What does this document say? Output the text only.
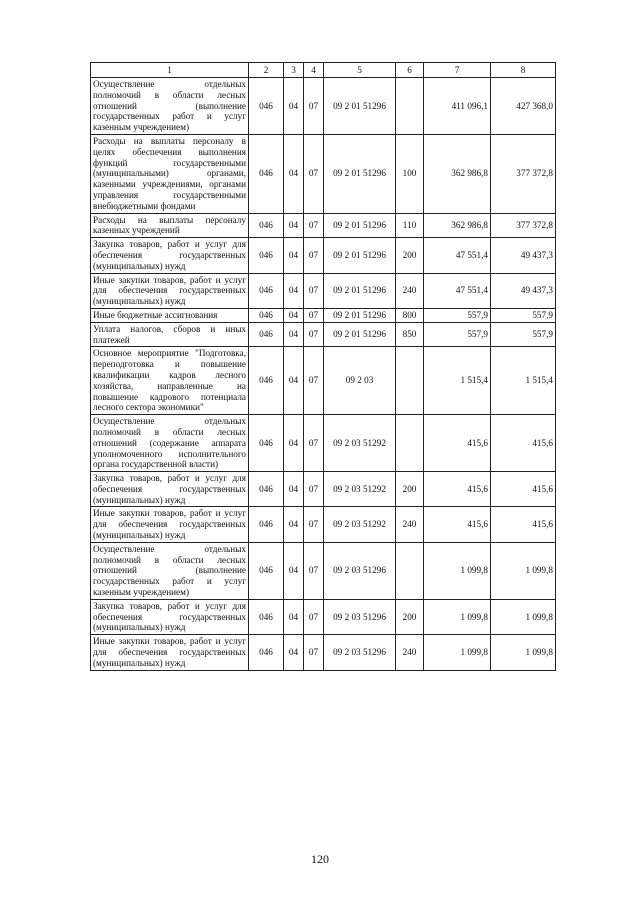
1	2	3	4	5	6	7	8
Осуществление отдельных полномочий в области лесных отношений (выполнение государственных работ и услуг казенным учреждением)	046	04	07	09 2 01 51296		411 096,1	427 368,0
Расходы на выплаты персоналу в целях обеспечения выполнения функций государственными (муниципальными) органами, казенными учреждениями, органами управления государственными внебюджетными фондами	046	04	07	09 2 01 51296	100	362 986,8	377 372,8
Расходы на выплаты персоналу казенных учреждений	046	04	07	09 2 01 51296	110	362 986,8	377 372,8
Закупка товаров, работ и услуг для обеспечения государственных (муниципальных) нужд	046	04	07	09 2 01 51296	200	47 551,4	49 437,3
Иные закупки товаров, работ и услуг для обеспечения государственных (муниципальных) нужд	046	04	07	09 2 01 51296	240	47 551,4	49 437,3
Иные бюджетные ассигнования	046	04	07	09 2 01 51296	800	557,9	557,9
Уплата налогов, сборов и иных платежей	046	04	07	09 2 01 51296	850	557,9	557,9
Основное мероприятие "Подготовка, переподготовка и повышение квалификации кадров лесного хозяйства, направленные на повышение кадрового потенциала лесного сектора экономики"	046	04	07	09 2 03		1 515,4	1 515,4
Осуществление отдельных полномочий в области лесных отношений (содержание аппарата уполномоченного исполнительного органа государственной власти)	046	04	07	09 2 03 51292		415,6	415,6
Закупка товаров, работ и услуг для обеспечения государственных (муниципальных) нужд	046	04	07	09 2 03 51292	200	415,6	415,6
Иные закупки товаров, работ и услуг для обеспечения государственных (муниципальных) нужд	046	04	07	09 2 03 51292	240	415,6	415,6
Осуществление отдельных полномочий в области лесных отношений (выполнение государственных работ и услуг казенным учреждением)	046	04	07	09 2 03 51296		1 099,8	1 099,8
Закупка товаров, работ и услуг для обеспечения государственных (муниципальных) нужд	046	04	07	09 2 03 51296	200	1 099,8	1 099,8
Иные закупки товаров, работ и услуг для обеспечения государственных (муниципальных) нужд	046	04	07	09 2 03 51296	240	1 099,8	1 099,8
120
